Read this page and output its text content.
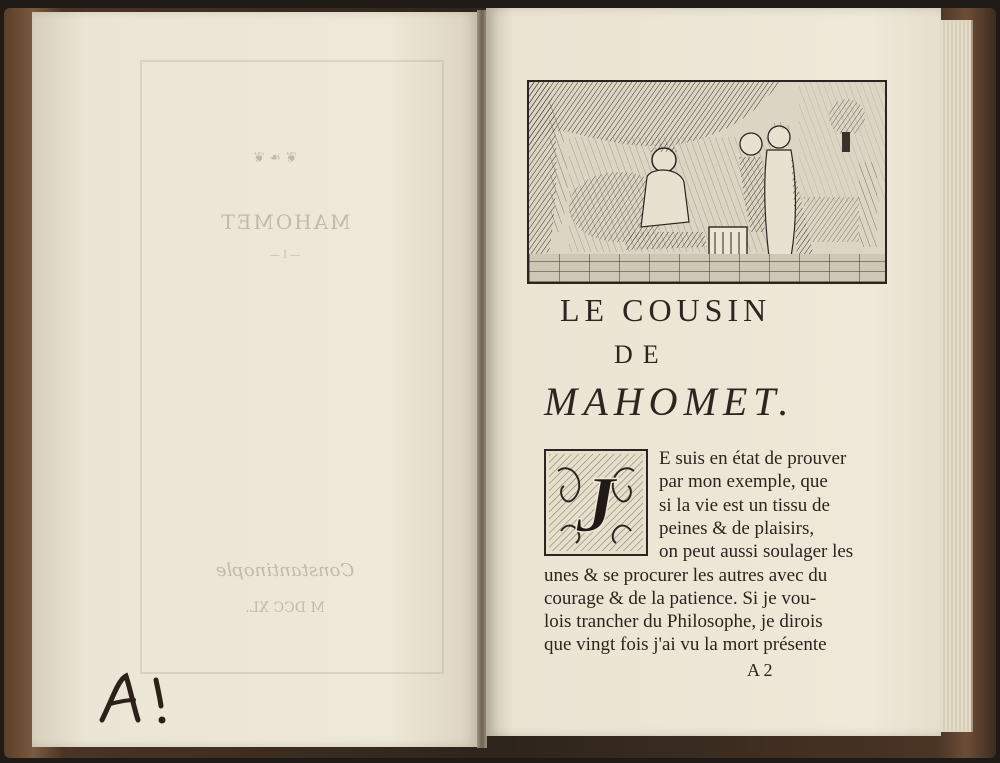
❦ ❧ ❦
MAHOMET
— I —
Constantinople
M DCC XL.
LE COUSIN
DE
MAHOMET.
J
E suis en état de prouver
par mon exemple, que
si la vie est un tissu de
peines & de plaisirs,
on peut aussi soulager les
unes & se procurer les autres avec du
courage & de la patience. Si je vou-
lois trancher du Philosophe, je dirois
que vingt fois j'ai vu la mort présente
A 2
